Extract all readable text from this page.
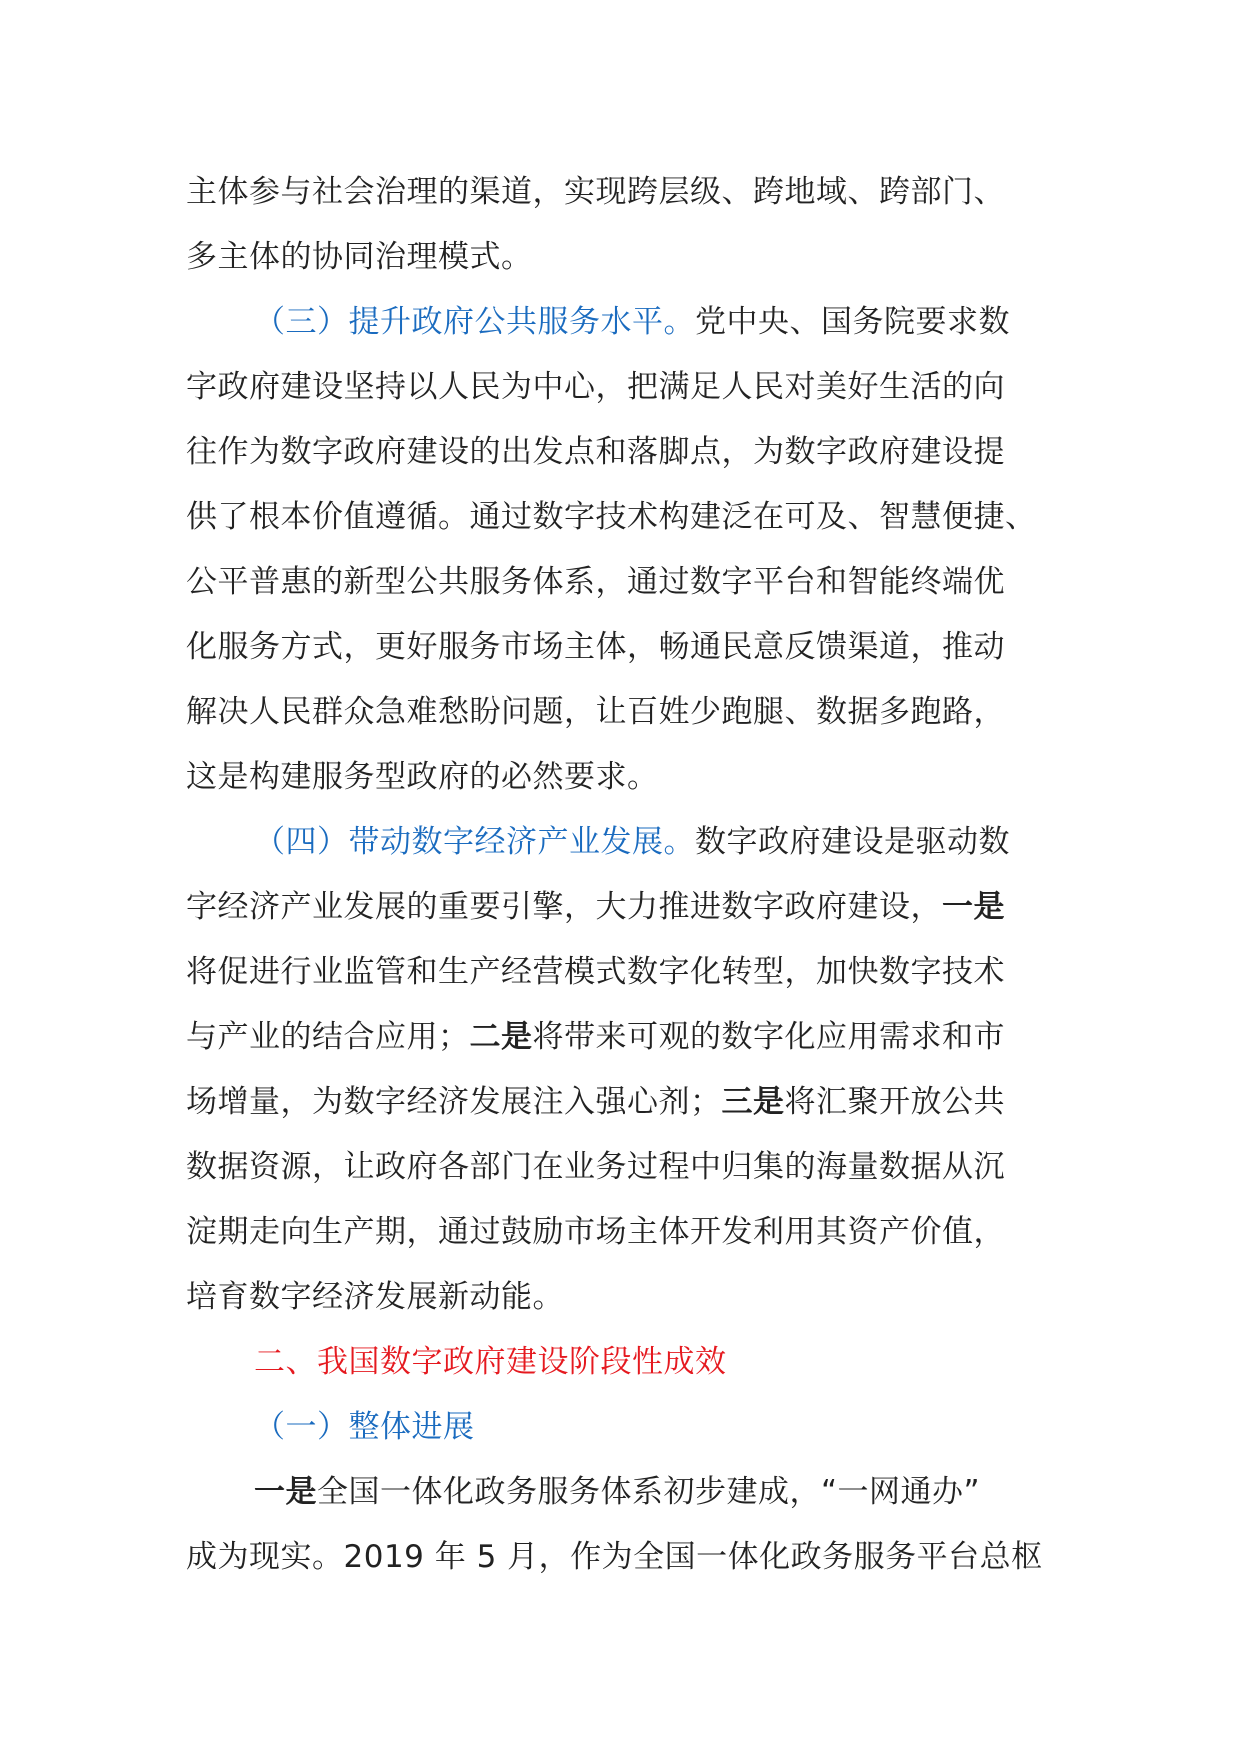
主体参与社会治理的渠道，实现跨层级、跨地域、跨部门、
多主体的协同治理模式。
（三）提升政府公共服务水平。党中央、国务院要求数
字政府建设坚持以人民为中心，把满足人民对美好生活的向
往作为数字政府建设的出发点和落脚点，为数字政府建设提
供了根本价值遵循。通过数字技术构建泛在可及、智慧便捷、
公平普惠的新型公共服务体系，通过数字平台和智能终端优
化服务方式，更好服务市场主体，畅通民意反馈渠道，推动
解决人民群众急难愁盼问题，让百姓少跑腿、数据多跑路，
这是构建服务型政府的必然要求。
（四）带动数字经济产业发展。数字政府建设是驱动数
字经济产业发展的重要引擎，大力推进数字政府建设，一是
将促进行业监管和生产经营模式数字化转型，加快数字技术
与产业的结合应用；二是将带来可观的数字化应用需求和市
场增量，为数字经济发展注入强心剂；三是将汇聚开放公共
数据资源，让政府各部门在业务过程中归集的海量数据从沉
淀期走向生产期，通过鼓励市场主体开发利用其资产价值，
培育数字经济发展新动能。
二、我国数字政府建设阶段性成效
（一）整体进展
一是全国一体化政务服务体系初步建成，“一网通办”
成为现实。2019 年 5 月，作为全国一体化政务服务平台总枢
